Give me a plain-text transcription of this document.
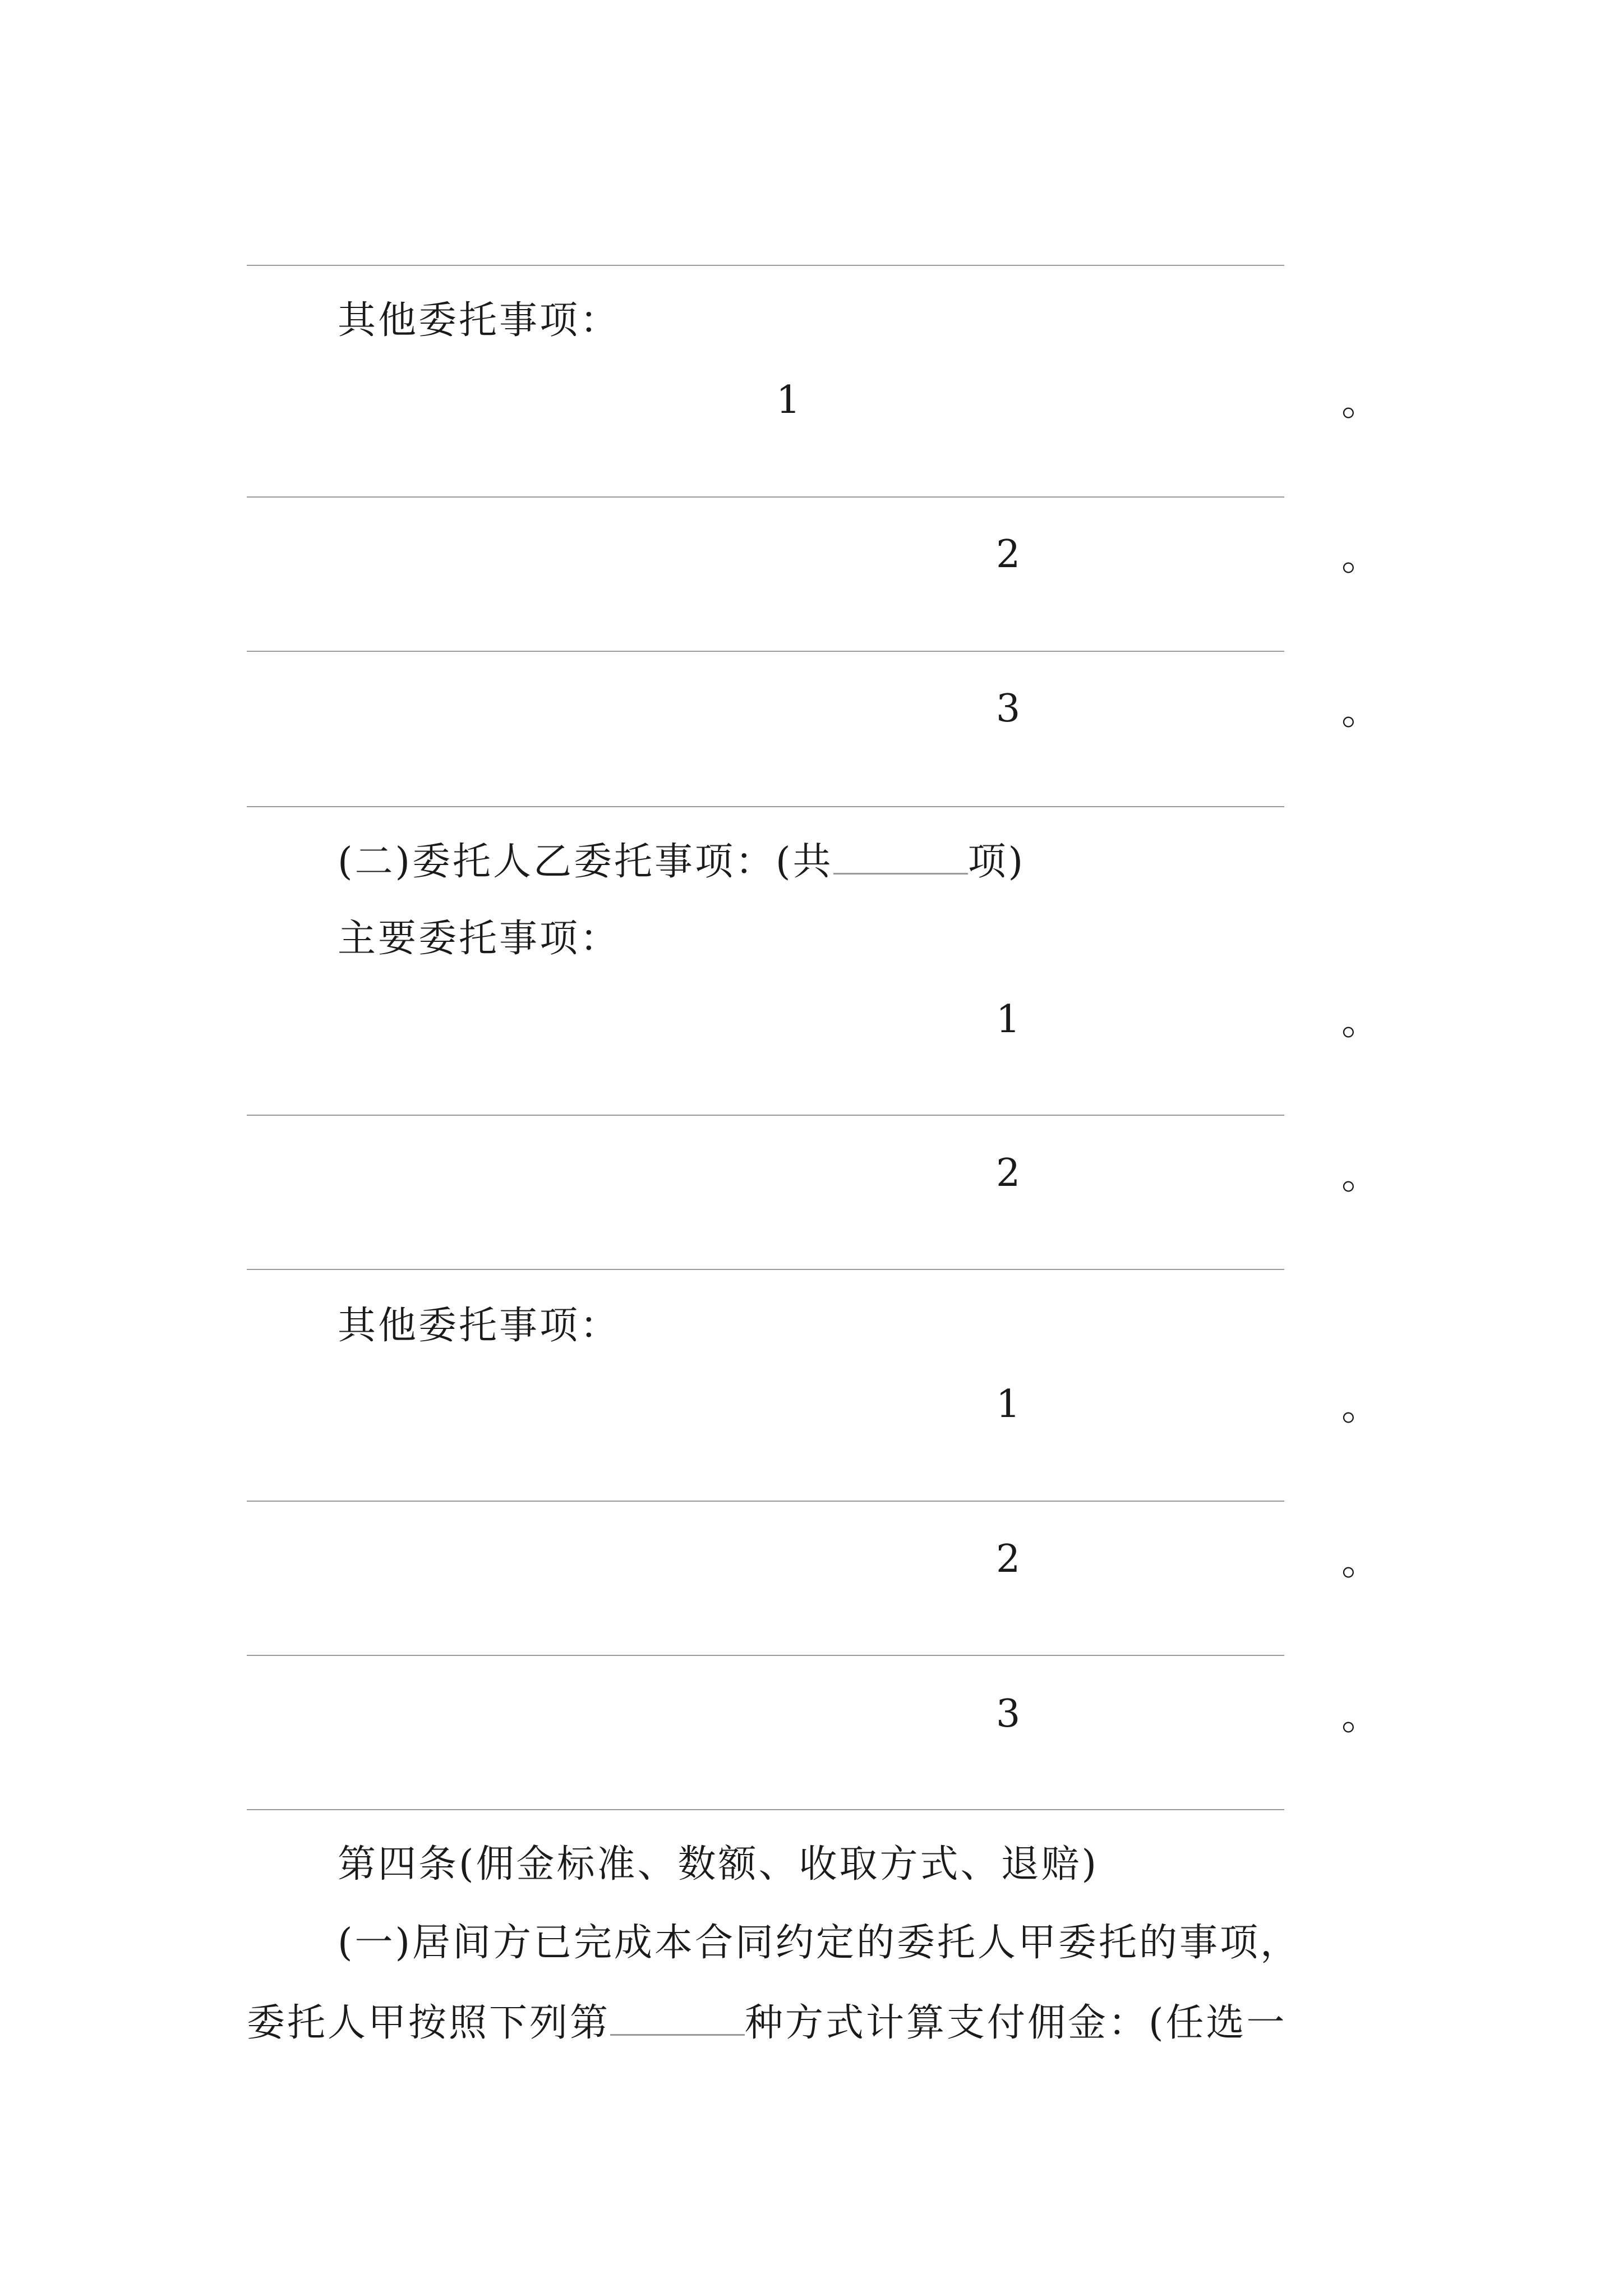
其他委托事项：
1	。
2	。
3	。
(二)委托人乙委托事项：(共	项)
主要委托事项：
1	。
2	。
其他委托事项：
1	。
2	。
3	。
第四条(佣金标准、数额、收取方式、退赔)
(一)居间方已完成本合同约定的委托人甲委托的事项，
委托人甲按照下列第	种方式计算支付佣金：(任选一
